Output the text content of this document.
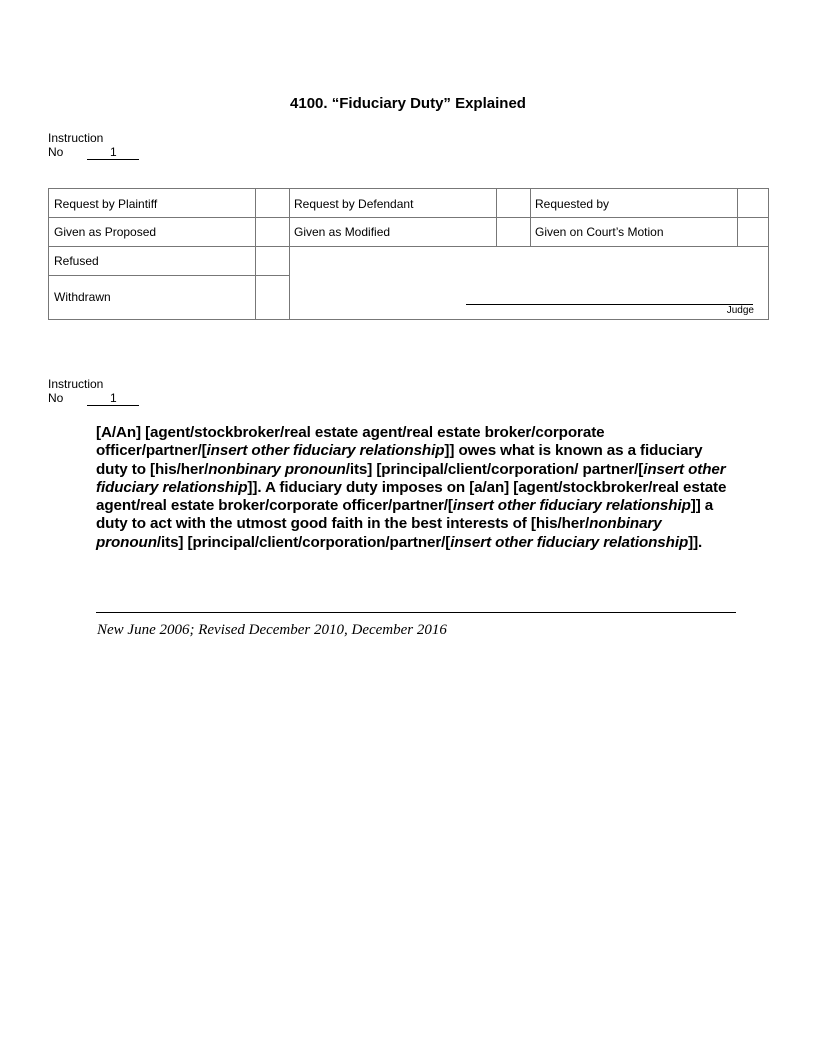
4100. “Fiduciary Duty” Explained
Instruction
No	1
Request by Plaintiff	Request by Defendant	Requested by
Given as Proposed	Given as Modified	Given on Court’s Motion
Refused
Withdrawn
Judge
Instruction
No	1
[A/An] [agent/stockbroker/real estate agent/real estate broker/corporate officer/partner/[insert other fiduciary relationship]] owes what is known as a fiduciary duty to [his/her/nonbinary pronoun/its] [principal/client/corporation/ partner/[insert other fiduciary relationship]]. A fiduciary duty imposes on [a/an] [agent/stockbroker/real estate agent/real estate broker/corporate officer/partner/[insert other fiduciary relationship]] a duty to act with the utmost good faith in the best interests of [his/her/nonbinary pronoun/its] [principal/client/corporation/partner/[insert other fiduciary relationship]].
New June 2006; Revised December 2010, December 2016
